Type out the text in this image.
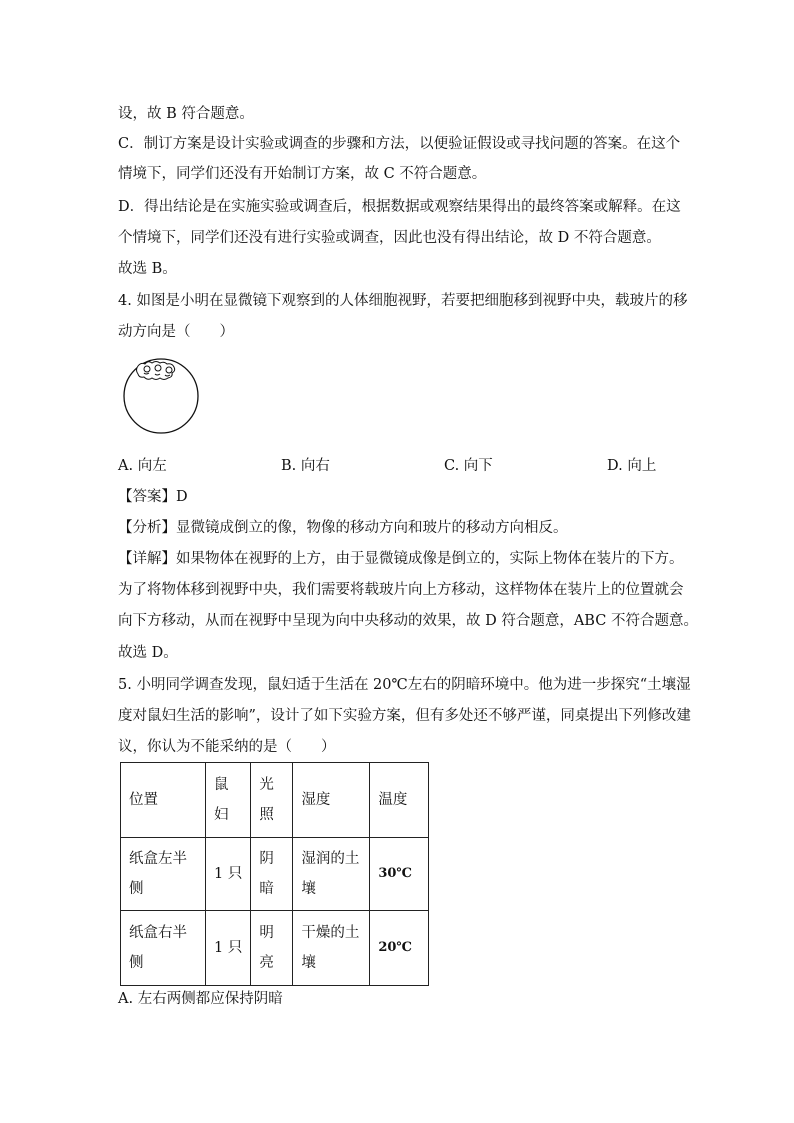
设，故 B 符合题意。
C．制订方案是设计实验或调查的步骤和方法，以便验证假设或寻找问题的答案。在这个
情境下，同学们还没有开始制订方案，故 C 不符合题意。
D．得出结论是在实施实验或调查后，根据数据或观察结果得出的最终答案或解释。在这
个情境下，同学们还没有进行实验或调查，因此也没有得出结论，故 D 不符合题意。
故选 B。
4. 如图是小明在显微镜下观察到的人体细胞视野，若要把细胞移到视野中央，载玻片的移
动方向是（　　）
A. 向左	B. 向右	C. 向下	D. 向上
【答案】D
【分析】显微镜成倒立的像，物像的移动方向和玻片的移动方向相反。
【详解】如果物体在视野的上方，由于显微镜成像是倒立的，实际上物体在装片的下方。
为了将物体移到视野中央，我们需要将载玻片向上方移动，这样物体在装片上的位置就会
向下方移动，从而在视野中呈现为向中央移动的效果，故 D 符合题意，ABC 不符合题意。
故选 D。
5. 小明同学调查发现，鼠妇适于生活在 20℃左右的阴暗环境中。他为进一步探究“土壤湿
度对鼠妇生活的影响”，设计了如下实验方案，但有多处还不够严谨，同桌提出下列修改建
议，你认为不能采纳的是（　　）
位置	鼠妇	光照	湿度	温度
纸盒左半侧	1 只	阴暗	湿润的土壤	30℃
纸盒右半侧	1 只	明亮	干燥的土壤	20℃
A. 左右两侧都应保持阴暗
